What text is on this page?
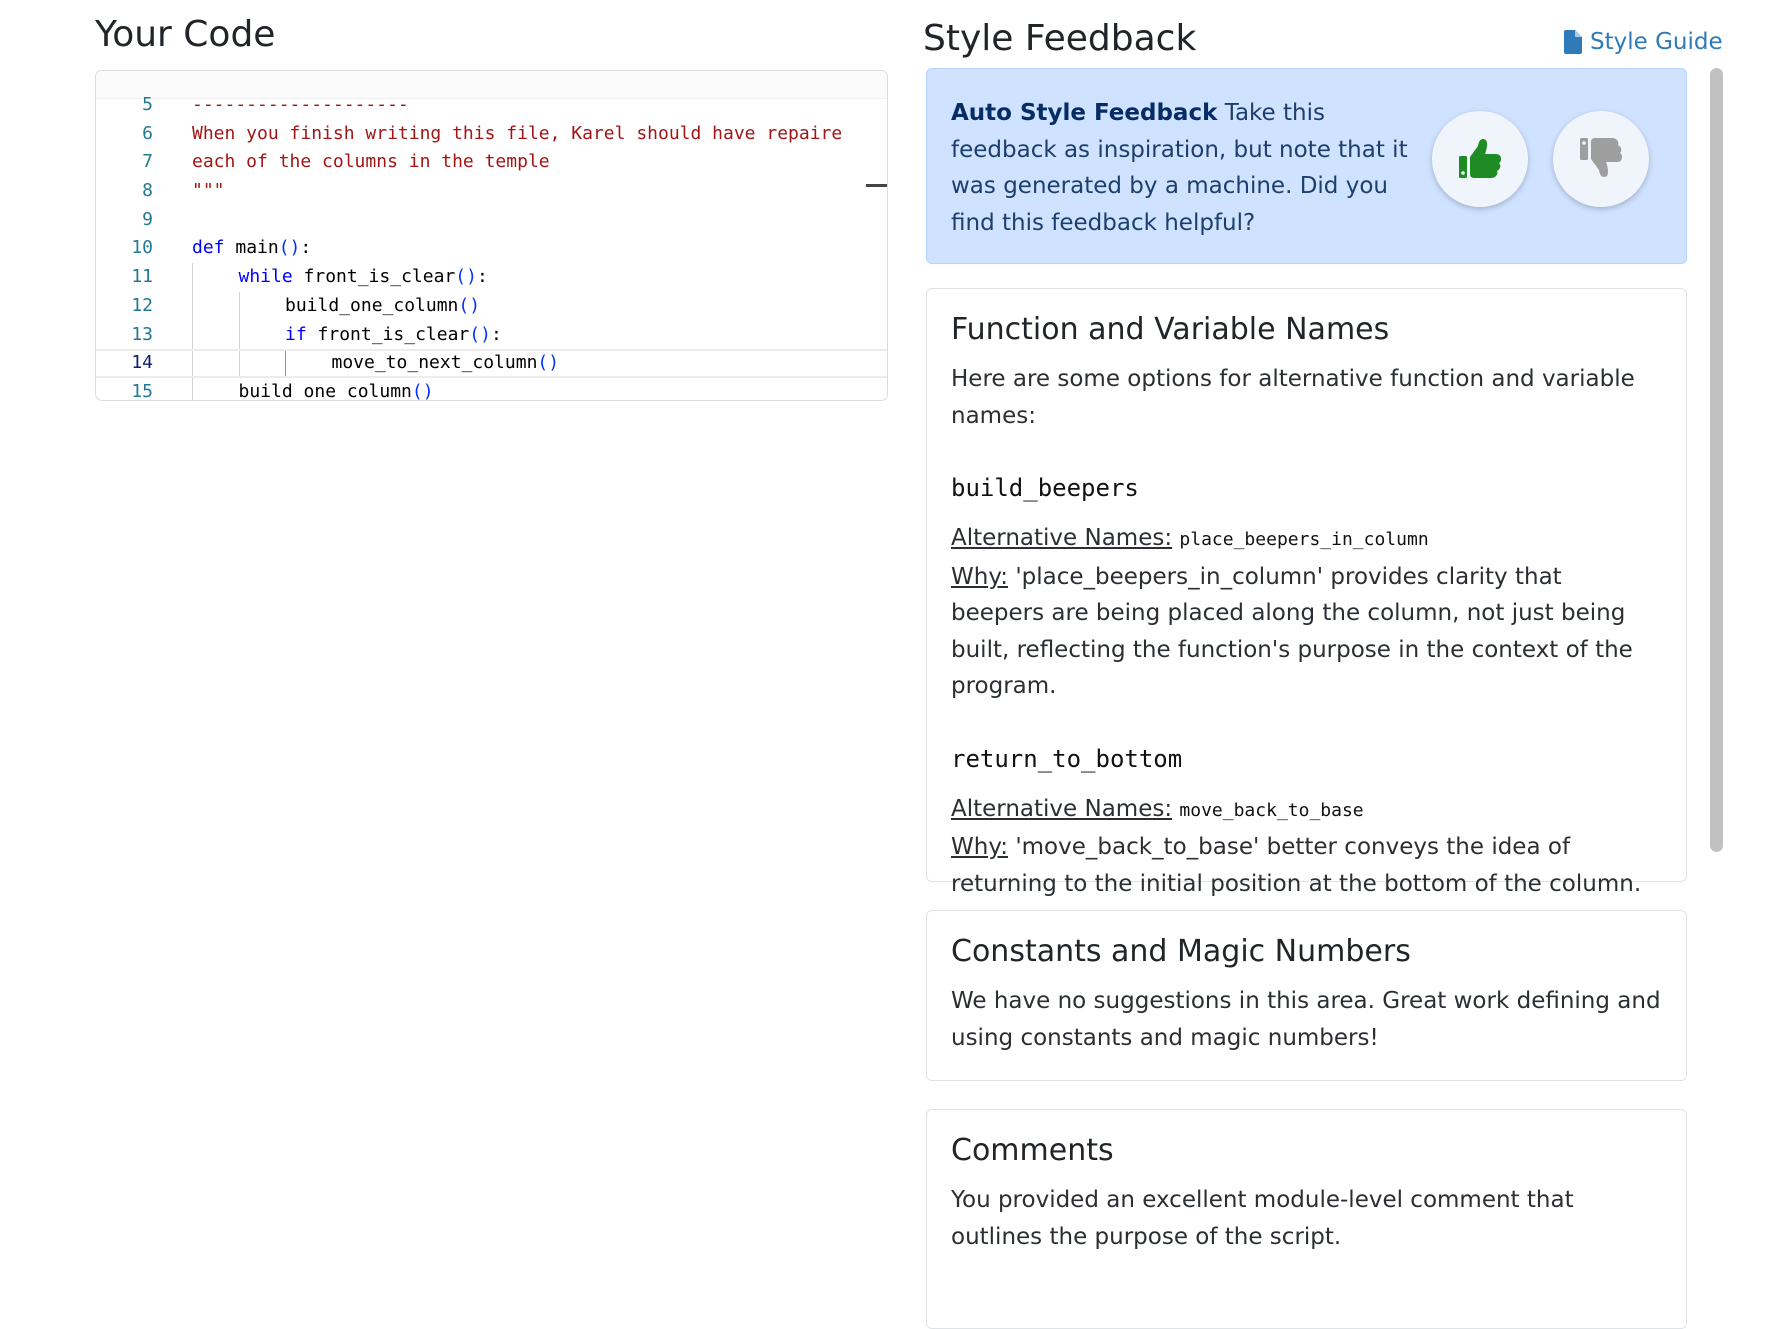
Your Code
5 --------------------
6 When you finish writing this file, Karel should have repaire
7 each of the columns in the temple
8 """
9
10 def main():
11	while front_is_clear():
12	build_one_column()
13	if front_is_clear():
14	move_to_next_column()
15	build_one_column()
Style Feedback	Style Guide
Auto Style Feedback Take this feedback as inspiration, but note that it was generated by a machine. Did you find this feedback helpful?
Function and Variable Names

Here are some options for alternative function and variable names:

build_beepers
Alternative Names: place_beepers_in_column
Why: 'place_beepers_in_column' provides clarity that beepers are being placed along the column, not just being built, reflecting the function's purpose in the context of the program.
return_to_bottom
Alternative Names: move_back_to_base
Why: 'move_back_to_base' better conveys the idea of returning to the initial position at the bottom of the column.
Constants and Magic Numbers

We have no suggestions in this area. Great work defining and using constants and magic numbers!

Comments

You provided an excellent module-level comment that outlines the purpose of the script.
